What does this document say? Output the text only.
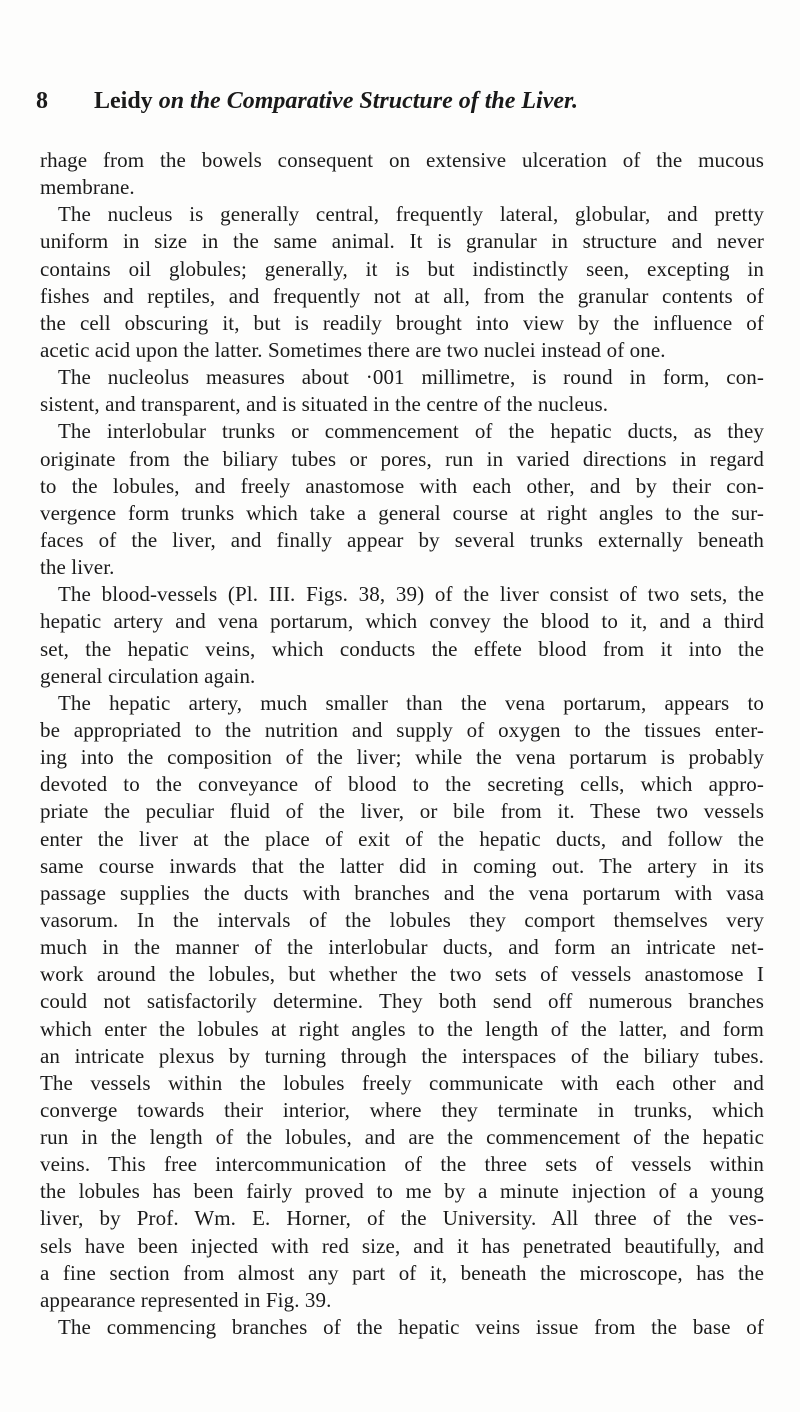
8 Leidy on the Comparative Structure of the Liver.
rhage from the bowels consequent on extensive ulceration of the mucous
membrane.
The nucleus is generally central, frequently lateral, globular, and pretty
uniform in size in the same animal. It is granular in structure and never
contains oil globules; generally, it is but indistinctly seen, excepting in
fishes and reptiles, and frequently not at all, from the granular contents of
the cell obscuring it, but is readily brought into view by the influence of
acetic acid upon the latter. Sometimes there are two nuclei instead of one.
The nucleolus measures about ·001 millimetre, is round in form, con-
sistent, and transparent, and is situated in the centre of the nucleus.
The interlobular trunks or commencement of the hepatic ducts, as they
originate from the biliary tubes or pores, run in varied directions in regard
to the lobules, and freely anastomose with each other, and by their con-
vergence form trunks which take a general course at right angles to the sur-
faces of the liver, and finally appear by several trunks externally beneath
the liver.
The blood-vessels (Pl. III. Figs. 38, 39) of the liver consist of two sets, the
hepatic artery and vena portarum, which convey the blood to it, and a third
set, the hepatic veins, which conducts the effete blood from it into the
general circulation again.
The hepatic artery, much smaller than the vena portarum, appears to
be appropriated to the nutrition and supply of oxygen to the tissues enter-
ing into the composition of the liver; while the vena portarum is probably
devoted to the conveyance of blood to the secreting cells, which appro-
priate the peculiar fluid of the liver, or bile from it. These two vessels
enter the liver at the place of exit of the hepatic ducts, and follow the
same course inwards that the latter did in coming out. The artery in its
passage supplies the ducts with branches and the vena portarum with vasa
vasorum. In the intervals of the lobules they comport themselves very
much in the manner of the interlobular ducts, and form an intricate net-
work around the lobules, but whether the two sets of vessels anastomose I
could not satisfactorily determine. They both send off numerous branches
which enter the lobules at right angles to the length of the latter, and form
an intricate plexus by turning through the interspaces of the biliary tubes.
The vessels within the lobules freely communicate with each other and
converge towards their interior, where they terminate in trunks, which
run in the length of the lobules, and are the commencement of the hepatic
veins. This free intercommunication of the three sets of vessels within
the lobules has been fairly proved to me by a minute injection of a young
liver, by Prof. Wm. E. Horner, of the University. All three of the ves-
sels have been injected with red size, and it has penetrated beautifully, and
a fine section from almost any part of it, beneath the microscope, has the
appearance represented in Fig. 39.
The commencing branches of the hepatic veins issue from the base of
